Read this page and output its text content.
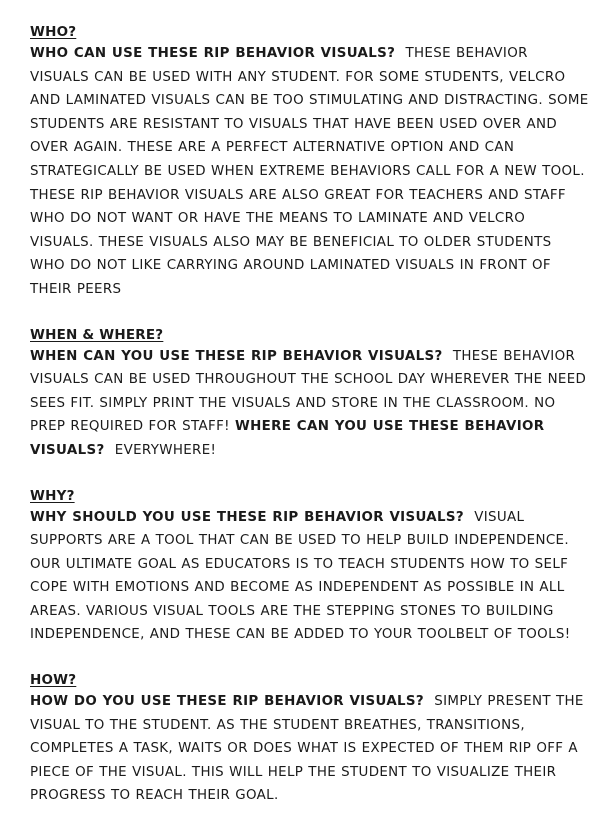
WHO?
WHO CAN USE THESE RIP BEHAVIOR VISUALS? THESE BEHAVIOR VISUALS CAN BE USED WITH ANY STUDENT. FOR SOME STUDENTS, VELCRO AND LAMINATED VISUALS CAN BE TOO STIMULATING AND DISTRACTING. SOME STUDENTS ARE RESISTANT TO VISUALS THAT HAVE BEEN USED OVER AND OVER AGAIN. THESE ARE A PERFECT ALTERNATIVE OPTION AND CAN STRATEGICALLY BE USED WHEN EXTREME BEHAVIORS CALL FOR A NEW TOOL. THESE RIP BEHAVIOR VISUALS ARE ALSO GREAT FOR TEACHERS AND STAFF WHO DO NOT WANT OR HAVE THE MEANS TO LAMINATE AND VELCRO VISUALS. THESE VISUALS ALSO MAY BE BENEFICIAL TO OLDER STUDENTS WHO DO NOT LIKE CARRYING AROUND LAMINATED VISUALS IN FRONT OF THEIR PEERS
WHEN & WHERE?
WHEN CAN YOU USE THESE RIP BEHAVIOR VISUALS? THESE BEHAVIOR VISUALS CAN BE USED THROUGHOUT THE SCHOOL DAY WHEREVER THE NEED SEES FIT. SIMPLY PRINT THE VISUALS AND STORE IN THE CLASSROOM. NO PREP REQUIRED FOR STAFF! WHERE CAN YOU USE THESE BEHAVIOR VISUALS? EVERYWHERE!
WHY?
WHY SHOULD YOU USE THESE RIP BEHAVIOR VISUALS? VISUAL SUPPORTS ARE A TOOL THAT CAN BE USED TO HELP BUILD INDEPENDENCE. OUR ULTIMATE GOAL AS EDUCATORS IS TO TEACH STUDENTS HOW TO SELF COPE WITH EMOTIONS AND BECOME AS INDEPENDENT AS POSSIBLE IN ALL AREAS. VARIOUS VISUAL TOOLS ARE THE STEPPING STONES TO BUILDING INDEPENDENCE, AND THESE CAN BE ADDED TO YOUR TOOLBELT OF TOOLS!
HOW?
HOW DO YOU USE THESE RIP BEHAVIOR VISUALS? SIMPLY PRESENT THE VISUAL TO THE STUDENT. AS THE STUDENT BREATHES, TRANSITIONS, COMPLETES A TASK, WAITS OR DOES WHAT IS EXPECTED OF THEM RIP OFF A PIECE OF THE VISUAL. THIS WILL HELP THE STUDENT TO VISUALIZE THEIR PROGRESS TO REACH THEIR GOAL.
